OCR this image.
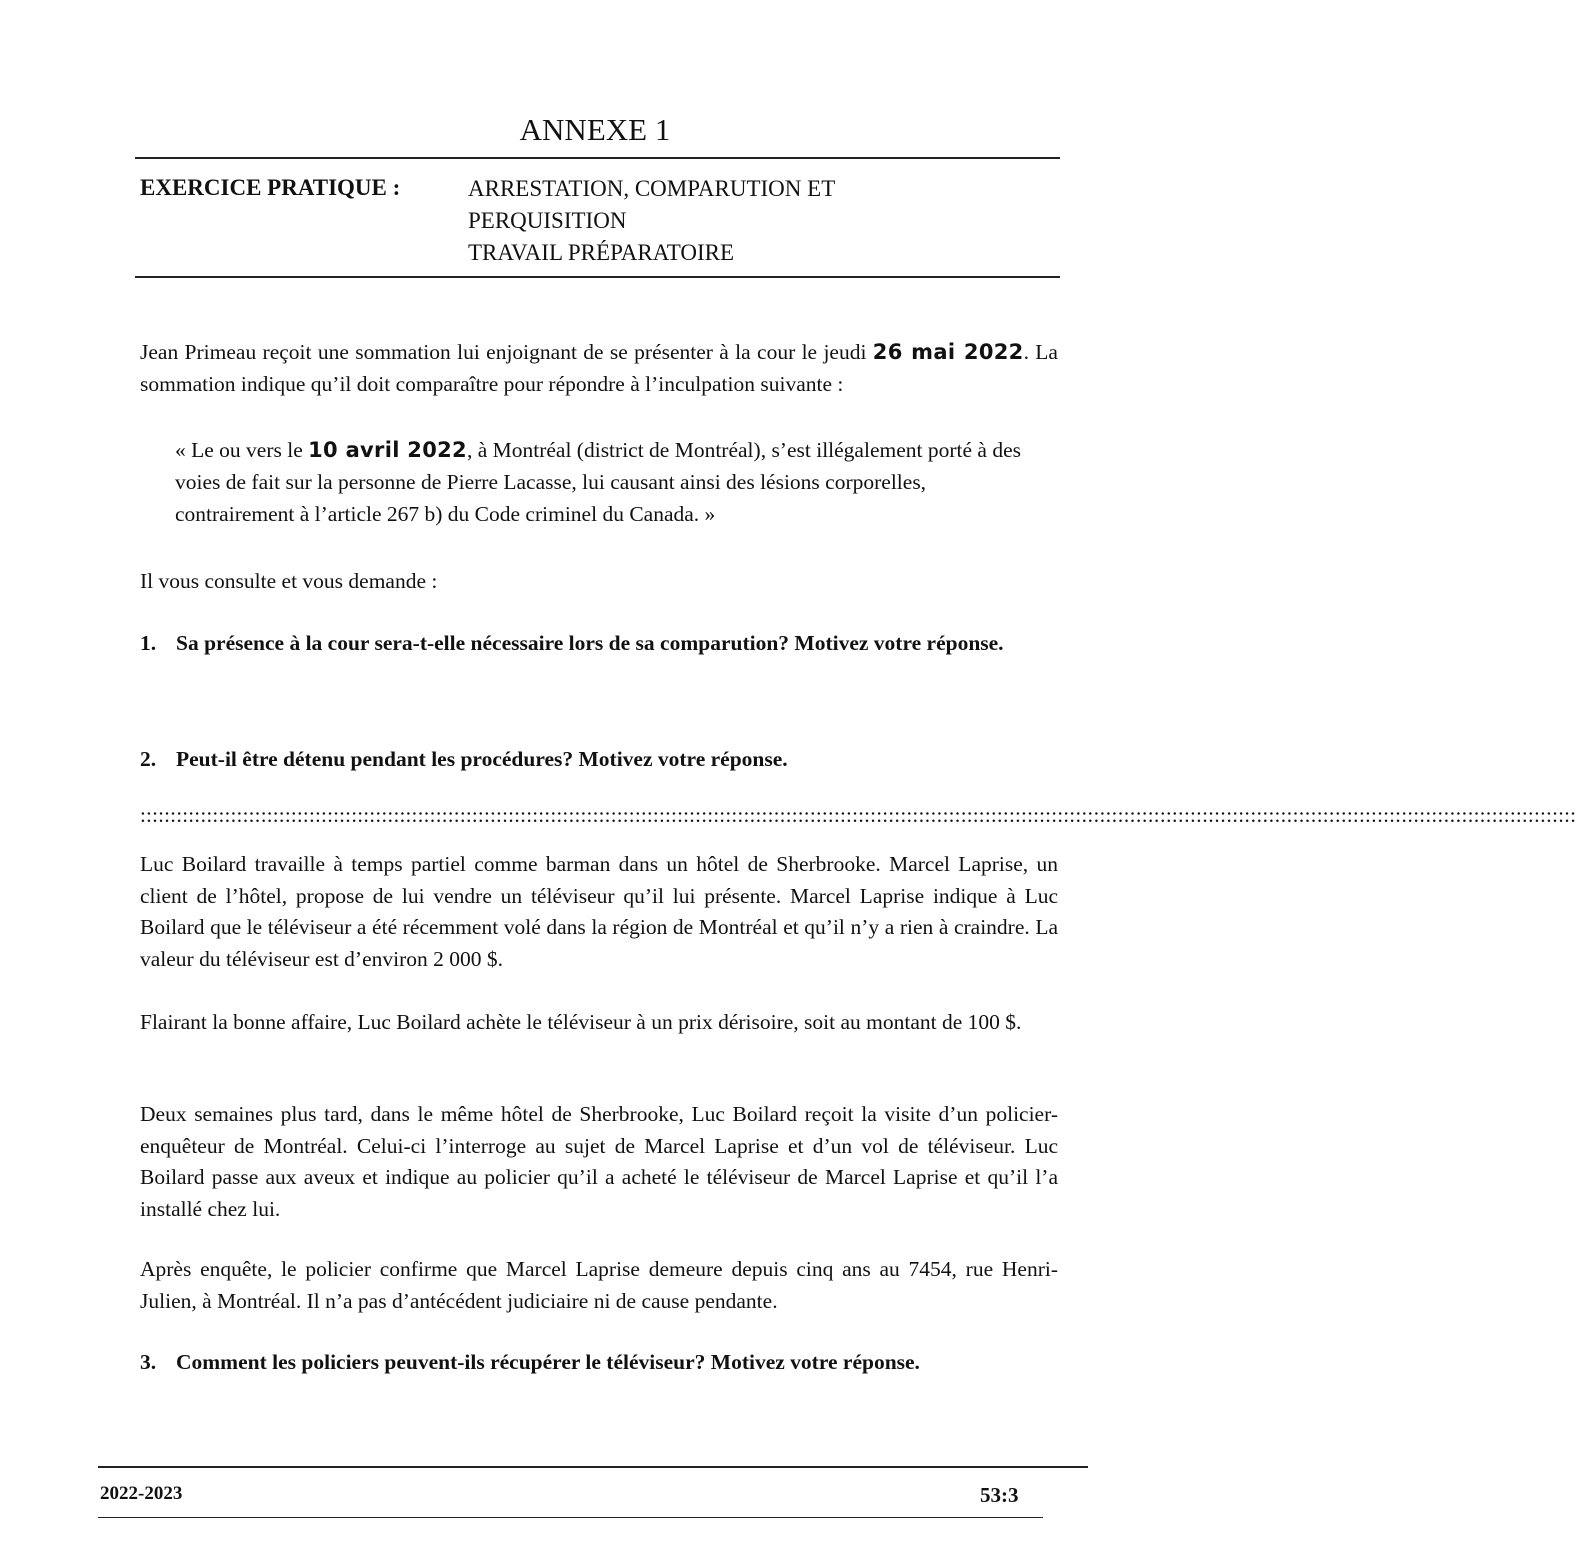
ANNEXE 1
EXERCICE PRATIQUE :	ARRESTATION, COMPARUTION ET
PERQUISITION
TRAVAIL PRÉPARATOIRE
Jean Primeau reçoit une sommation lui enjoignant de se présenter à la cour le jeudi 26 mai 2022. La sommation indique qu’il doit comparaître pour répondre à l’inculpation suivante :
« Le ou vers le 10 avril 2022, à Montréal (district de Montréal), s’est illégalement porté à des voies de fait sur la personne de Pierre Lacasse, lui causant ainsi des lésions corporelles, contrairement à l’article 267 b) du Code criminel du Canada. »
Il vous consulte et vous demande :
1. Sa présence à la cour sera-t-elle nécessaire lors de sa comparution? Motivez votre réponse.
2. Peut-il être détenu pendant les procédures? Motivez votre réponse.
::::::::::::::::::::::::::::::::::::::::::::::::::::::::::::::::::::::::::::::::::::::::::::::::::::::::::::::::::::::::::::::::::::::::::::::::::::::::::::::::::::::::::::::::::::::::::::::::::::::::::::::::::::::::::::::::::::::::::::::
Luc Boilard travaille à temps partiel comme barman dans un hôtel de Sherbrooke. Marcel Laprise, un client de l’hôtel, propose de lui vendre un téléviseur qu’il lui présente. Marcel Laprise indique à Luc Boilard que le téléviseur a été récemment volé dans la région de Montréal et qu’il n’y a rien à craindre. La valeur du téléviseur est d’environ 2 000 $.
Flairant la bonne affaire, Luc Boilard achète le téléviseur à un prix dérisoire, soit au montant de 100 $.
Deux semaines plus tard, dans le même hôtel de Sherbrooke, Luc Boilard reçoit la visite d’un policier-enquêteur de Montréal. Celui-ci l’interroge au sujet de Marcel Laprise et d’un vol de téléviseur. Luc Boilard passe aux aveux et indique au policier qu’il a acheté le téléviseur de Marcel Laprise et qu’il l’a installé chez lui.
Après enquête, le policier confirme que Marcel Laprise demeure depuis cinq ans au 7454, rue Henri-Julien, à Montréal. Il n’a pas d’antécédent judiciaire ni de cause pendante.
3. Comment les policiers peuvent-ils récupérer le téléviseur? Motivez votre réponse.
2022-2023	53:3
